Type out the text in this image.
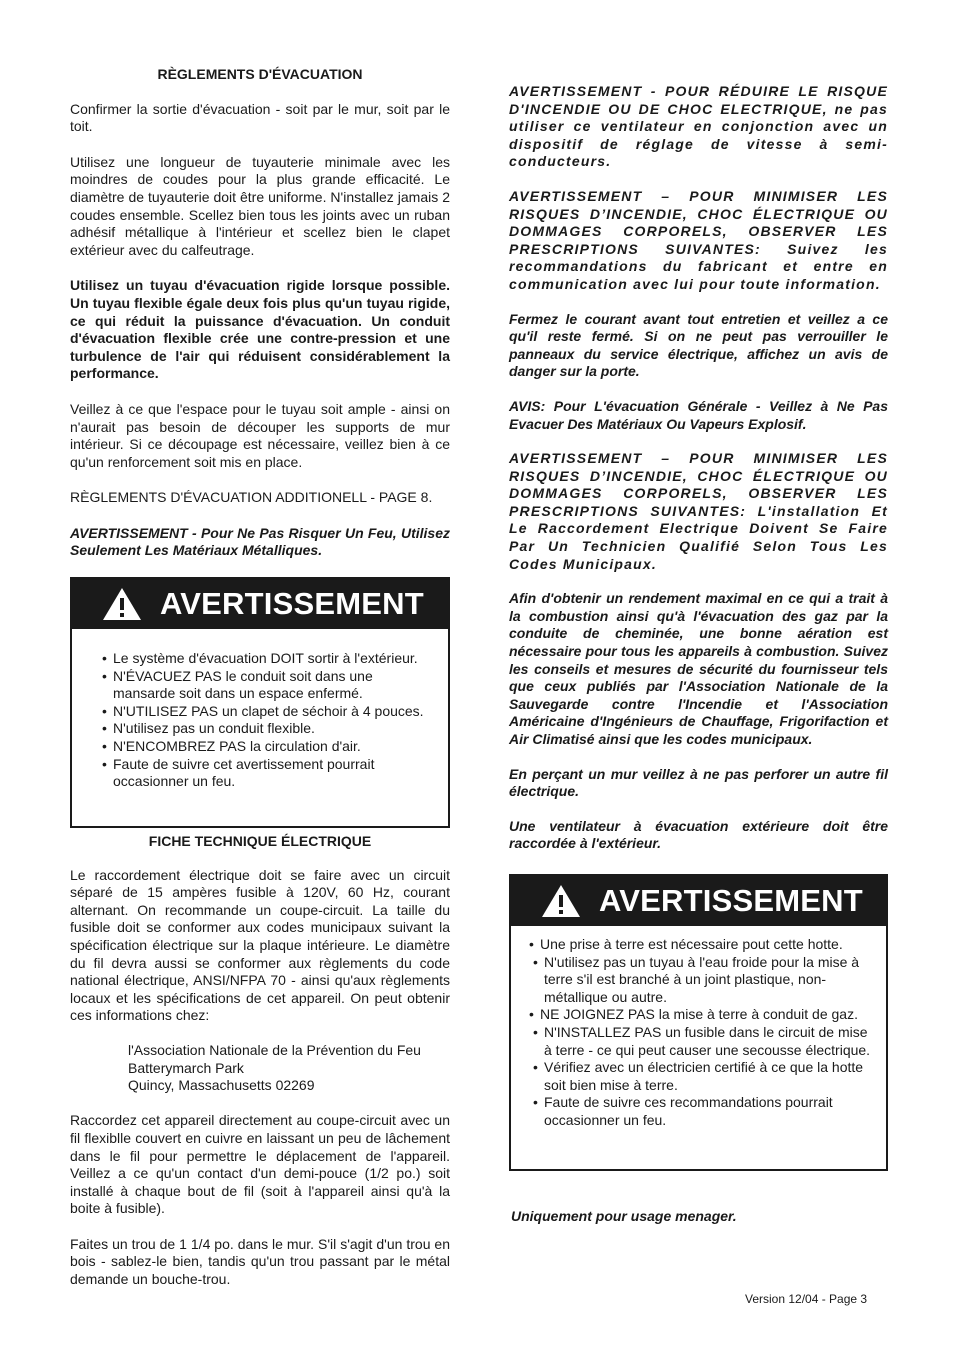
RÈGLEMENTS D'ÉVACUATION

Confirmer la sortie d'évacuation - soit par le mur, soit par le toit.

Utilisez une longueur de tuyauterie minimale avec les moindres de coudes pour la plus grande efficacité. Le diamètre de tuyauterie doit être uniforme. N'installez jamais 2 coudes ensemble. Scellez bien tous les joints avec un ruban adhésif métallique à l'intérieur et scellez bien le clapet extérieur avec du calfeutrage.

Utilisez un tuyau d'évacuation rigide lorsque possible. Un tuyau flexible égale deux fois plus qu'un tuyau rigide, ce qui réduit la puissance d'évacuation. Un conduit d'évacuation flexible crée une contre-pression et une turbulence de l'air qui réduisent considérablement la performance.

Veillez à ce que l'espace pour le tuyau soit ample - ainsi on n'aurait pas besoin de découper les supports de mur intérieur. Si ce découpage est nécessaire, veillez bien à ce qu'un renforcement soit mis en place.

RÈGLEMENTS D'ÉVACUATION ADDITIONELL - PAGE 8.

AVERTISSEMENT - Pour Ne Pas Risquer Un Feu, Utilisez Seulement Les Matériaux Métalliques.

AVERTISSEMENT
• Le système d'évacuation DOIT sortir à l'extérieur.
• N'ÉVACUEZ PAS le conduit soit dans une mansarde soit dans un espace enfermé.
• N'UTILISEZ PAS un clapet de séchoir à 4 pouces.
• N'utilisez pas un conduit flexible.
• N'ENCOMBREZ PAS la circulation d'air.
• Faute de suivre cet avertissement pourrait occasionner un feu.

FICHE TECHNIQUE ÉLECTRIQUE

Le raccordement électrique doit se faire avec un circuit séparé de 15 ampères fusible à 120V, 60 Hz, courant alternant. On recommande un coupe-circuit. La taille du fusible doit se conformer aux codes municipaux suivant la spécification électrique sur la plaque intérieure. Le diamètre du fil devra aussi se conformer aux règlements du code national électrique, ANSI/NFPA 70 - ainsi qu'aux règlements locaux et les spécifications de cet appareil. On peut obtenir ces informations chez:

l'Association Nationale de la Prévention du Feu
Batterymarch Park
Quincy, Massachusetts 02269

Raccordez cet appareil directement au coupe-circuit avec un fil flexiblle couvert en cuivre en laissant un peu de lâchement dans le fil pour permettre le déplacement de l'appareil. Veillez a ce qu'un contact d'un demi-pouce (1/2 po.) soit installé à chaque bout de fil (soit à l'appareil ainsi qu'à la boite à fusible).

Faites un trou de 1 1/4 po. dans le mur. S'il s'agit d'un trou en bois - sablez-le bien, tandis qu'un trou passant par le métal demande un bouche-trou.

AVERTISSEMENT - POUR RÉDUIRE LE RISQUE D'INCENDIE OU DE CHOC ELECTRIQUE, ne pas utiliser ce ventilateur en conjonction avec un dispositif de réglage de vitesse à semi-conducteurs.

AVERTISSEMENT – POUR MINIMISER LES RISQUES D’INCENDIE, CHOC ÉLECTRIQUE OU DOMMAGES CORPORELS, OBSERVER LES PRESCRIPTIONS SUIVANTES: Suivez les recommandations du fabricant et entre en communication avec lui pour toute information.

Fermez le courant avant tout entretien et veillez a ce qu'il reste fermé. Si on ne peut pas verrouiller le panneaux du service électrique, affichez un avis de danger sur la porte.

AVIS: Pour L'évacuation Générale - Veillez à Ne Pas Evacuer Des Matériaux Ou Vapeurs Explosif.

AVERTISSEMENT – POUR MINIMISER LES RISQUES D’INCENDIE, CHOC ÉLECTRIQUE OU DOMMAGES CORPORELS, OBSERVER LES PRESCRIPTIONS SUIVANTES: L'installation Et Le Raccordement Electrique Doivent Se Faire Par Un Technicien Qualifié Selon Tous Les Codes Municipaux.

Afin d'obtenir un rendement maximal en ce qui a trait à la combustion ainsi qu'à l'évacuation des gaz par la conduite de cheminée, une bonne aération est nécessaire pour tous les appareils à combustion. Suivez les conseils et mesures de sécurité du fournisseur tels que ceux publiés par l'Association Nationale de la Sauvegarde contre l'Incendie et l'Association Américaine d'Ingénieurs de Chauffage, Frigorifaction et Air Climatisé ainsi que les codes municipaux.

En perçant un mur veillez à ne pas perforer un autre fil électrique.

Une ventilateur à évacuation extérieure doit être raccordée à l'extérieur.

AVERTISSEMENT
• Une prise à terre est nécessaire pout cette hotte.
• N'utilisez pas un tuyau à l'eau froide pour la mise à terre s'il est branché à un joint plastique, non-métallique ou autre.
• NE JOIGNEZ PAS la mise à terre à conduit de gaz.
• N'INSTALLEZ PAS un fusible dans le circuit de mise à terre - ce qui peut causer une secousse électrique.
• Vérifiez avec un électricien certifié à ce que la hotte soit bien mise à terre.
• Faute de suivre ces recommandations pourrait occasionner un feu.

Uniquement pour usage menager.

Version 12/04 - Page 3
